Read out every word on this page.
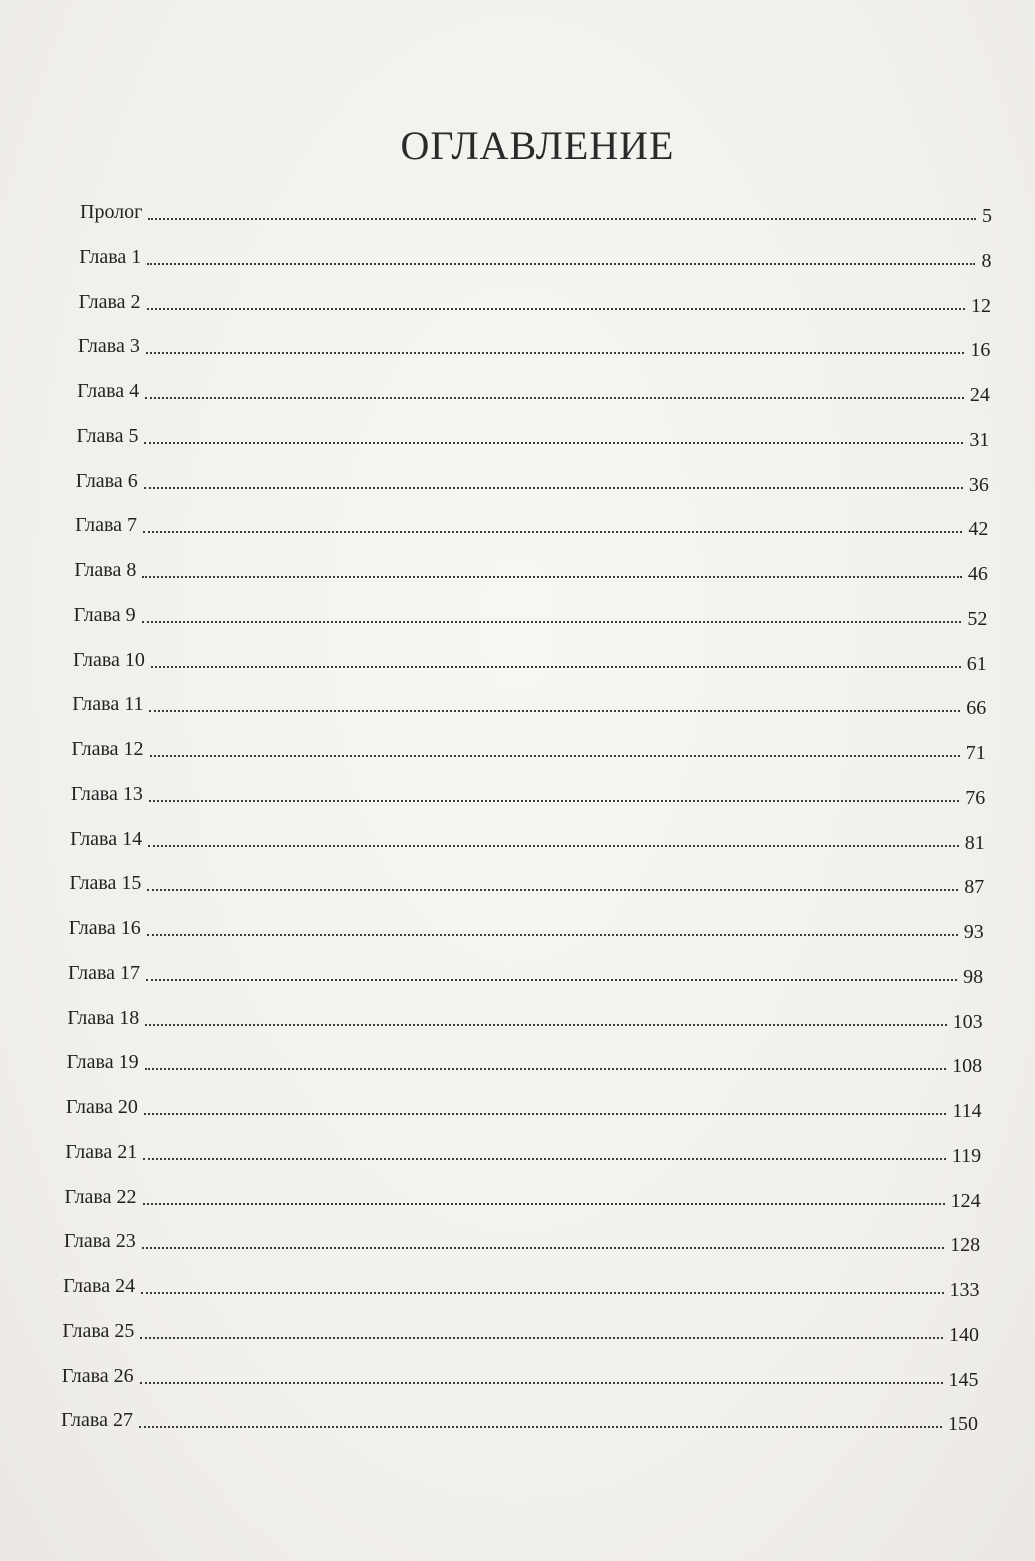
ОГЛАВЛЕНИЕ
Пролог	5
Глава 1	8
Глава 2	12
Глава 3	16
Глава 4	24
Глава 5	31
Глава 6	36
Глава 7	42
Глава 8	46
Глава 9	52
Глава 10	61
Глава 11	66
Глава 12	71
Глава 13	76
Глава 14	81
Глава 15	87
Глава 16	93
Глава 17	98
Глава 18	103
Глава 19	108
Глава 20	114
Глава 21	119
Глава 22	124
Глава 23	128
Глава 24	133
Глава 25	140
Глава 26	145
Глава 27	150
